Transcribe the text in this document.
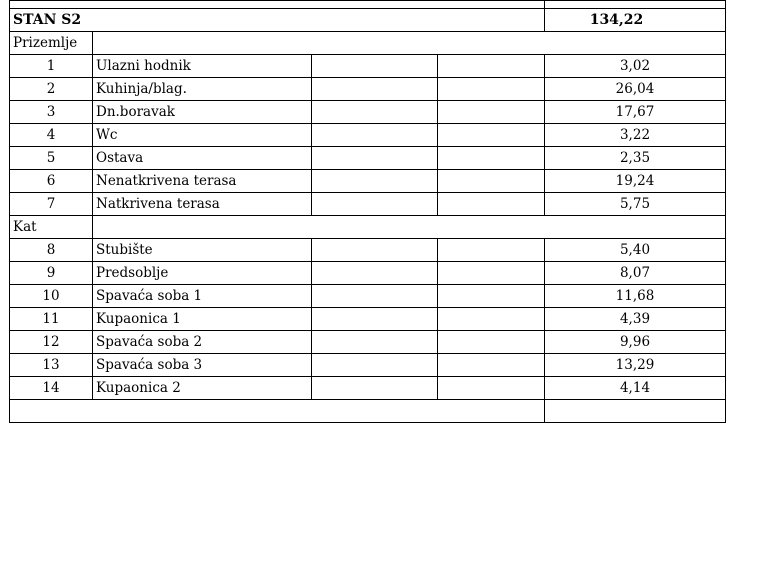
STAN S2				134,22
Prizemlje				
1	Ulazni hodnik			3,02
2	Kuhinja/blag.			26,04
3	Dn.boravak			17,67
4	Wc			3,22
5	Ostava			2,35
6	Nenatkrivena terasa			19,24
7	Natkrivena terasa			5,75
Kat				
8	Stubište			5,40
9	Predsoblje			8,07
10	Spavaća soba 1			11,68
11	Kupaonica 1			4,39
12	Spavaća soba 2			9,96
13	Spavaća soba 3			13,29
14	Kupaonica 2			4,14
